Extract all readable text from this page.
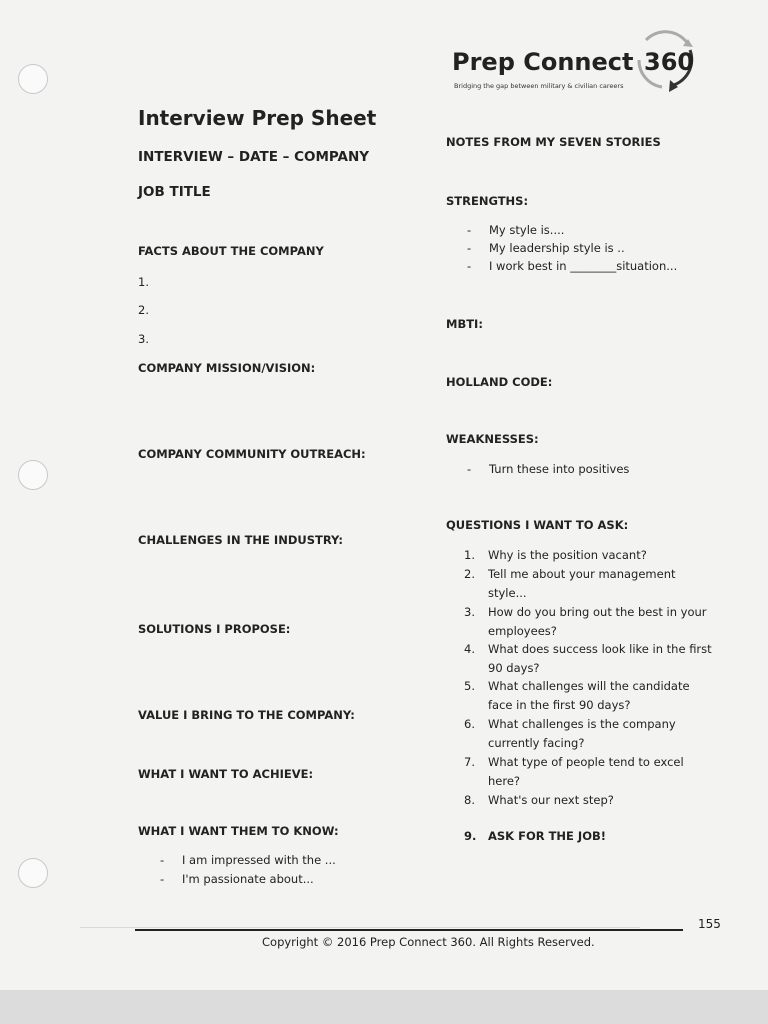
Prep Connect 360
Bridging the gap between military & civilian careers
Interview Prep Sheet
INTERVIEW – DATE – COMPANY
JOB TITLE
FACTS ABOUT THE COMPANY
1.
2.
3.
COMPANY MISSION/VISION:
COMPANY COMMUNITY OUTREACH:
CHALLENGES IN THE INDUSTRY:
SOLUTIONS I PROPOSE:
VALUE I BRING TO THE COMPANY:
WHAT I WANT TO ACHIEVE:
WHAT I WANT THEM TO KNOW:
- I am impressed with the ...
- I'm passionate about...
NOTES FROM MY SEVEN STORIES
STRENGTHS:
- My style is....
- My leadership style is ..
- I work best in ________situation...
MBTI:
HOLLAND CODE:
WEAKNESSES:
- Turn these into positives
QUESTIONS I WANT TO ASK:
1. Why is the position vacant?
2. Tell me about your management style...
3. How do you bring out the best in your employees?
4. What does success look like in the first 90 days?
5. What challenges will the candidate face in the first 90 days?
6. What challenges is the company currently facing?
7. What type of people tend to excel here?
8. What's our next step?
9. ASK FOR THE JOB!
155
Copyright © 2016 Prep Connect 360. All Rights Reserved.
